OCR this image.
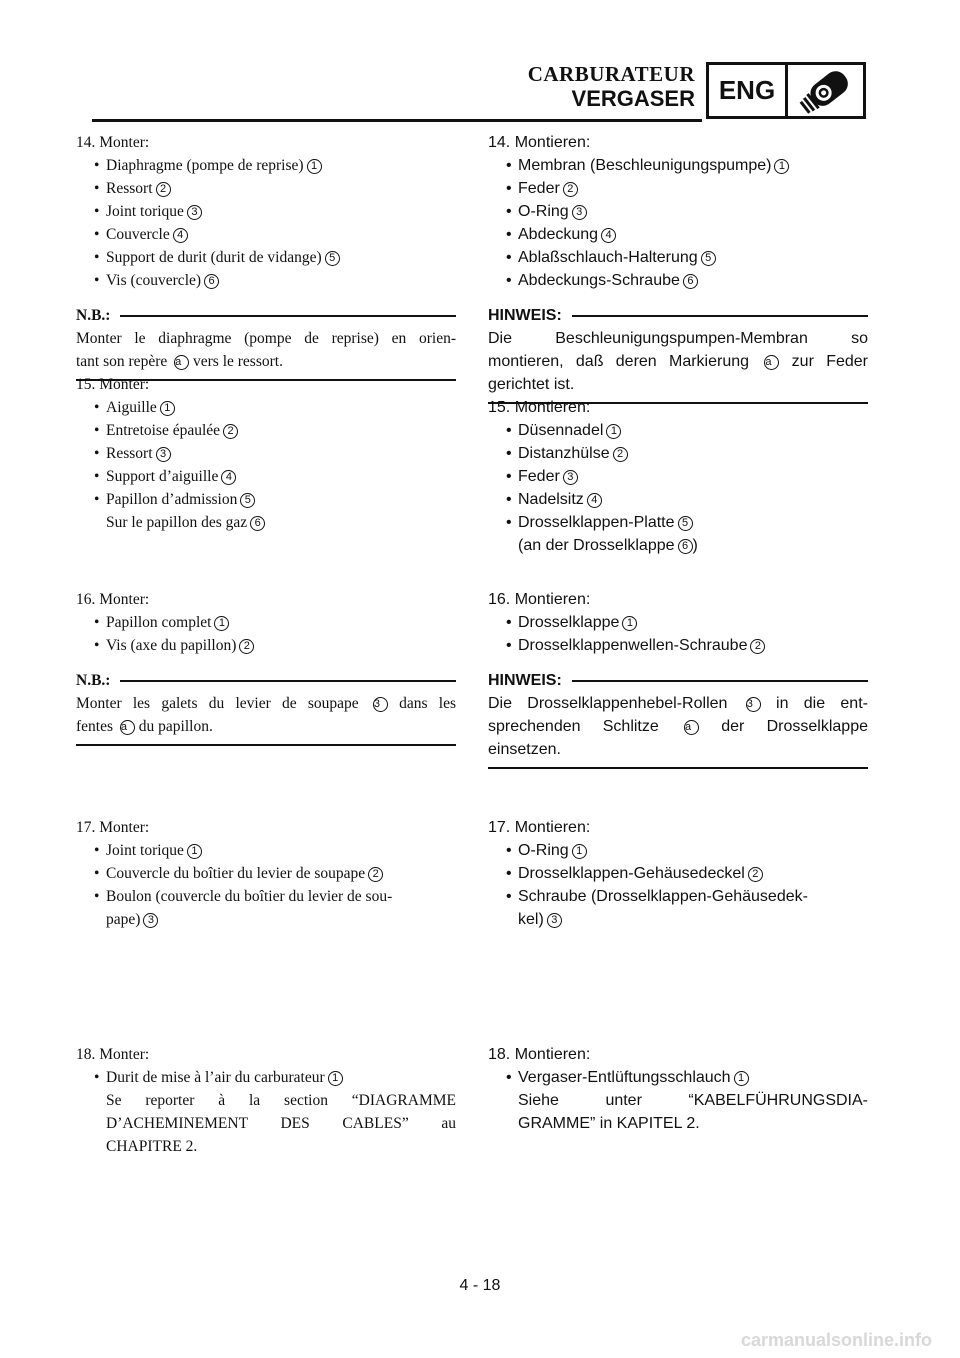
CARBURATEUR
VERGASER ENG
14. Monter:
• Diaphragme (pompe de reprise) 1
• Ressort 2
• Joint torique 3
• Couvercle 4
• Support de durit (durit de vidange) 5
• Vis (couvercle) 6
N.B.:
Monter le diaphragme (pompe de reprise) en orien-
tant son repère a vers le ressort.
15. Monter:
• Aiguille 1
• Entretoise épaulée 2
• Ressort 3
• Support d’aiguille 4
• Papillon d’admission 5
Sur le papillon des gaz 6
16. Monter:
• Papillon complet 1
• Vis (axe du papillon) 2
N.B.:
Monter les galets du levier de soupape 3 dans les
fentes a du papillon.
17. Monter:
• Joint torique 1
• Couvercle du boîtier du levier de soupape 2
• Boulon (couvercle du boîtier du levier de sou-
pape) 3
18. Monter:
• Durit de mise à l’air du carburateur 1
Se reporter à la section “DIAGRAMME
D’ACHEMINEMENT DES CABLES” au
CHAPITRE 2.
14. Montieren:
• Membran (Beschleunigungspumpe) 1
• Feder 2
• O-Ring 3
• Abdeckung 4
• Ablaßschlauch-Halterung 5
• Abdeckungs-Schraube 6
HINWEIS:
Die Beschleunigungspumpen-Membran so
montieren, daß deren Markierung a zur Feder
gerichtet ist.
15. Montieren:
• Düsennadel 1
• Distanzhülse 2
• Feder 3
• Nadelsitz 4
• Drosselklappen-Platte 5
(an der Drosselklappe 6 )
16. Montieren:
• Drosselklappe 1
• Drosselklappenwellen-Schraube 2
HINWEIS:
Die Drosselklappenhebel-Rollen 3 in die ent-
sprechenden Schlitze a der Drosselklappe
einsetzen.
17. Montieren:
• O-Ring 1
• Drosselklappen-Gehäusedeckel 2
• Schraube (Drosselklappen-Gehäusedek-
kel) 3
18. Montieren:
• Vergaser-Entlüftungsschlauch 1
Siehe unter “KABELFÜHRUNGSDIA-
GRAMME” in KAPITEL 2.
4 - 18
carmanualsonline.info
